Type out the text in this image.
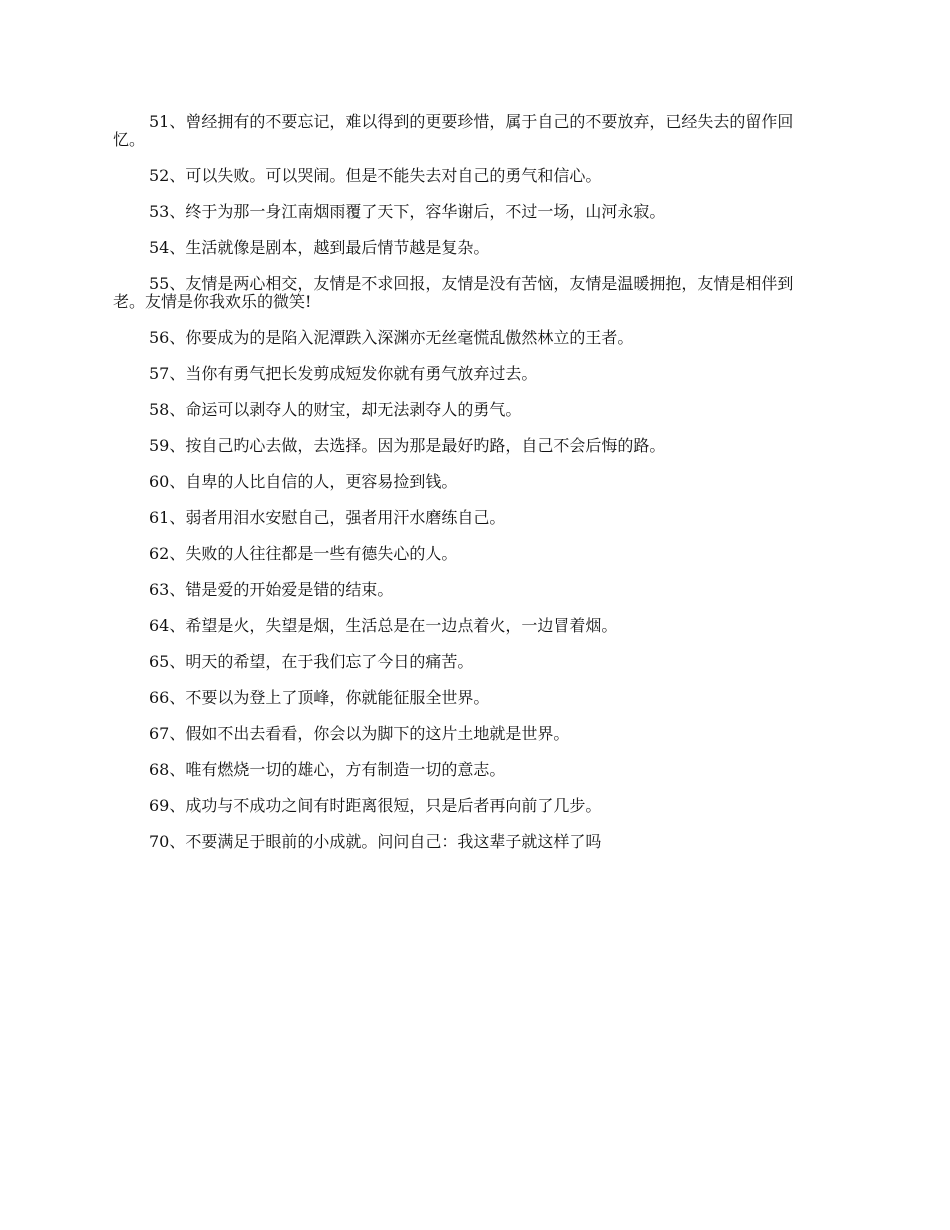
51、曾经拥有的不要忘记，难以得到的更要珍惜，属于自己的不要放弃，已经失去的留作回忆。

52、可以失败。可以哭闹。但是不能失去对自己的勇气和信心。

53、终于为那一身江南烟雨覆了天下，容华谢后，不过一场，山河永寂。

54、生活就像是剧本，越到最后情节越是复杂。

55、友情是两心相交，友情是不求回报，友情是没有苦恼，友情是温暖拥抱，友情是相伴到老。友情是你我欢乐的微笑!

56、你要成为的是陷入泥潭跌入深渊亦无丝毫慌乱傲然林立的王者。

57、当你有勇气把长发剪成短发你就有勇气放弃过去。

58、命运可以剥夺人的财宝，却无法剥夺人的勇气。

59、按自己旳心去做，去选择。因为那是最好旳路，自己不会后悔的路。

60、自卑的人比自信的人，更容易捡到钱。

61、弱者用泪水安慰自己，强者用汗水磨练自己。

62、失败的人往往都是一些有德失心的人。

63、错是爱的开始爱是错的结束。

64、希望是火，失望是烟，生活总是在一边点着火，一边冒着烟。

65、明天的希望，在于我们忘了今日的痛苦。

66、不要以为登上了顶峰，你就能征服全世界。

67、假如不出去看看，你会以为脚下的这片土地就是世界。

68、唯有燃烧一切的雄心，方有制造一切的意志。

69、成功与不成功之间有时距离很短，只是后者再向前了几步。

70、不要满足于眼前的小成就。问问自己：我这辈子就这样了吗
